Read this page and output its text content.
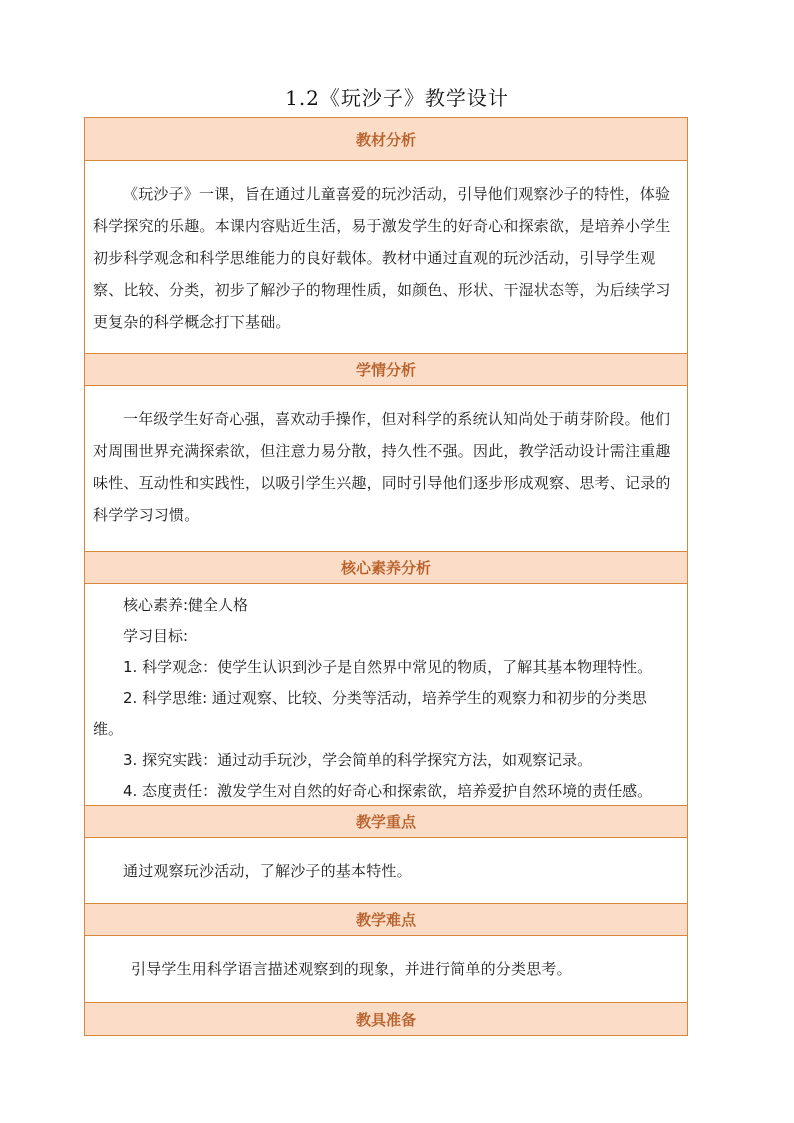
1.2《玩沙子》教学设计
教材分析
《玩沙子》一课，旨在通过儿童喜爱的玩沙活动，引导他们观察沙子的特性，体验科学探究的乐趣。本课内容贴近生活，易于激发学生的好奇心和探索欲，是培养小学生初步科学观念和科学思维能力的良好载体。教材中通过直观的玩沙活动，引导学生观察、比较、分类，初步了解沙子的物理性质，如颜色、形状、干湿状态等，为后续学习更复杂的科学概念打下基础。
学情分析
一年级学生好奇心强，喜欢动手操作，但对科学的系统认知尚处于萌芽阶段。他们对周围世界充满探索欲，但注意力易分散，持久性不强。因此，教学活动设计需注重趣味性、互动性和实践性，以吸引学生兴趣，同时引导他们逐步形成观察、思考、记录的科学学习习惯。
核心素养分析
核心素养:健全人格
学习目标:
1. 科学观念：使学生认识到沙子是自然界中常见的物质，了解其基本物理特性。
2. 科学思维: 通过观察、比较、分类等活动，培养学生的观察力和初步的分类思
维。
3. 探究实践：通过动手玩沙，学会简单的科学探究方法，如观察记录。
4. 态度责任：激发学生对自然的好奇心和探索欲，培养爱护自然环境的责任感。
教学重点
通过观察玩沙活动，了解沙子的基本特性。
教学难点
引导学生用科学语言描述观察到的现象，并进行简单的分类思考。
教具准备
